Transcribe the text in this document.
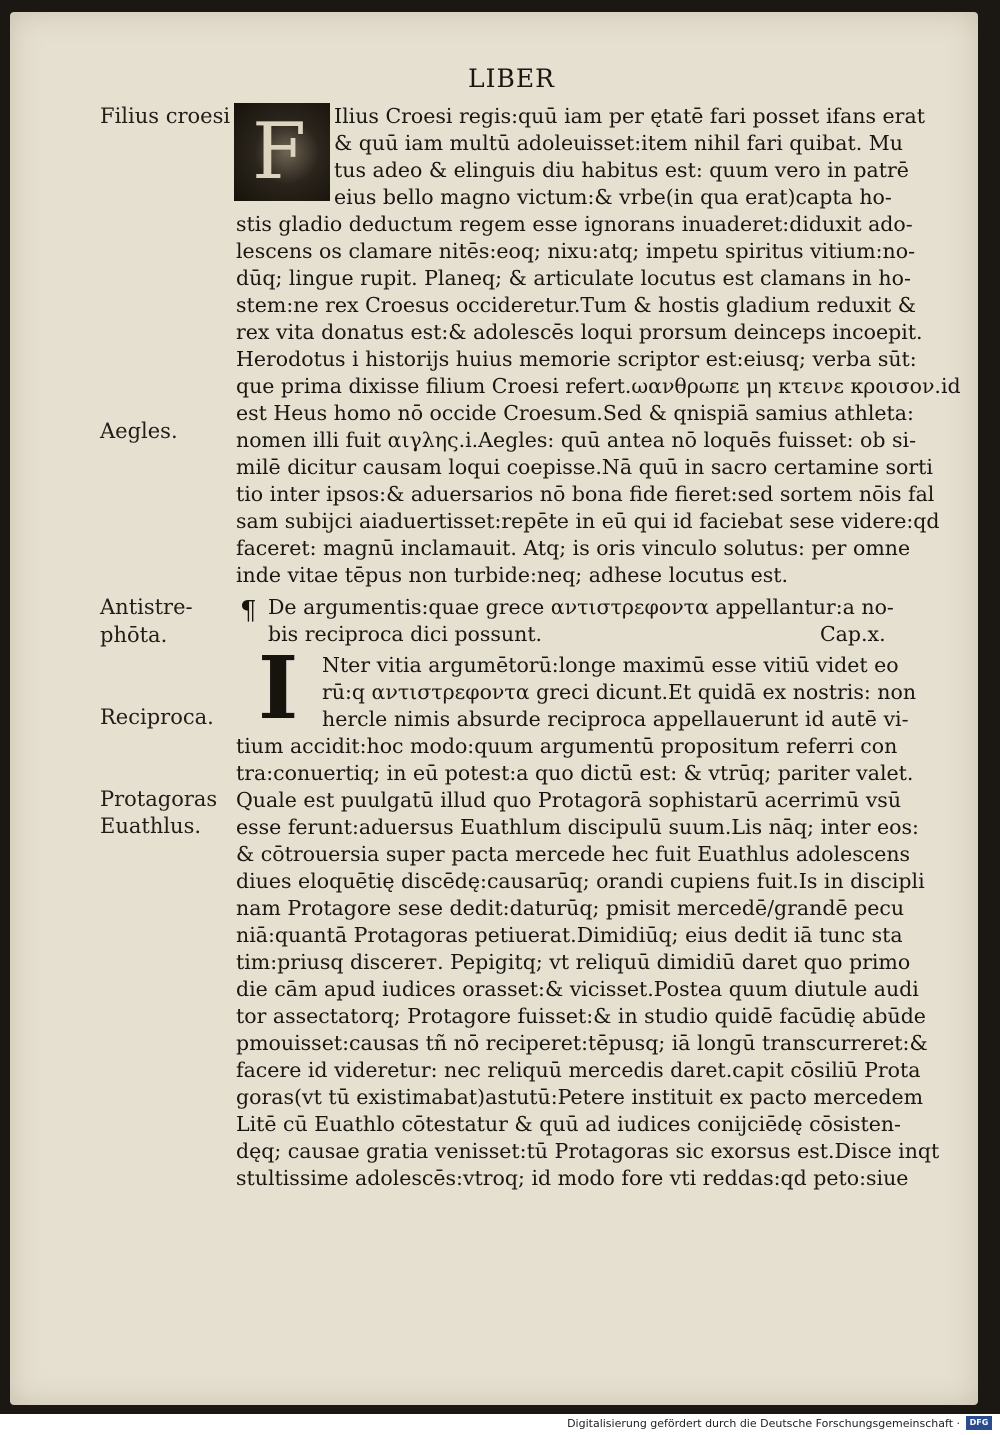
LIBER
Filius croesi
Aegles.
Antistre-
phōta.
Reciproca.
Protagoras
Euathlus.
F
I
¶
Ilius Croesi regis:quū iam per ętatē fari posset ifans erat
& quū iam multū adoleuisset:item nihil fari quibat. Mu
tus adeo & elinguis diu habitus est: quum vero in patrē
eius bello magno victum:& vrbe(in qua erat)capta ho-
stis gladio deductum regem esse ignorans inuaderet:diduxit ado-
lescens os clamare nitēs:eoq; nixu:atq; impetu spiritus vitium:no-
dūq; lingue rupit. Planeq; & articulate locutus est clamans in ho-
stem:ne rex Croesus occideretur.Tum & hostis gladium reduxit &
rex vita donatus est:& adolescēs loqui prorsum deinceps incoepit.
Herodotus i historijs huius memorie scriptor est:eiusq; verba sūt:
que prima dixisse filium Croesi refert.ωανθρωπε μη κτεινε κροισον.id
est Heus homo nō occide Croesum.Sed & qnispiā samius athleta:
nomen illi fuit αιγλης.i.Aegles: quū antea nō loquēs fuisset: ob si-
milē dicitur causam loqui coepisse.Nā quū in sacro certamine sorti
tio inter ipsos:& aduersarios nō bona fide fieret:sed sortem nōis fal
sam subijci aiaduertisset:repēte in eū qui id faciebat sese videre:qd
faceret: magnū inclamauit. Atq; is oris vinculo solutus: per omne
inde vitae tēpus non turbide:neq; adhese locutus est.
De argumentis:quae grece αντιστρεφοντα appellantur:a no-
bis reciproca dici possunt.	Cap.x.
Nter vitia argumētorū:longe maximū esse vitiū videt eo
rū:q αντιστρεφοντα greci dicunt.Et quidā ex nostris: non
hercle nimis absurde reciproca appellauerunt id autē vi-
tium accidit:hoc modo:quum argumentū propositum referri con
tra:conuertiq; in eū potest:a quo dictū est: & vtrūq; pariter valet.
Quale est puulgatū illud quo Protagorā sophistarū acerrimū vsū
esse ferunt:aduersus Euathlum discipulū suum.Lis nāq; inter eos:
& cōtrouersia super pacta mercede hec fuit Euathlus adolescens
diues eloquētię discēdę:causarūq; orandi cupiens fuit.Is in discipli
nam Protagore sese dedit:daturūq; pmisit mercedē/grandē pecu
niā:quantā Protagoras petiuerat.Dimidiūq; eius dedit iā tunc sta
tim:priusq discerет. Pepigitq; vt reliquū dimidiū daret quo primo
die cām apud iudices orasset:& vicisset.Postea quum diutule audi
tor assectatorq; Protagore fuisset:& in studio quidē facūdię abūde
pmouisset:causas tñ nō reciperet:tēpusq; iā longū transcurreret:&
facere id videretur: nec reliquū mercedis daret.capit cōsiliū Prota
goras(vt tū existimabat)astutū:Petere instituit ex pacto mercedem
Litē cū Euathlo cōtestatur & quū ad iudices conijciēdę cōsisten-
dęq; causae gratia venisset:tū Protagoras sic exorsus est.Disce inqt
stultissime adolescēs:vtroq; id modo fore vti reddas:qd peto:siue
Digitalisierung gefördert durch die Deutsche Forschungsgemeinschaft ·	DFG
